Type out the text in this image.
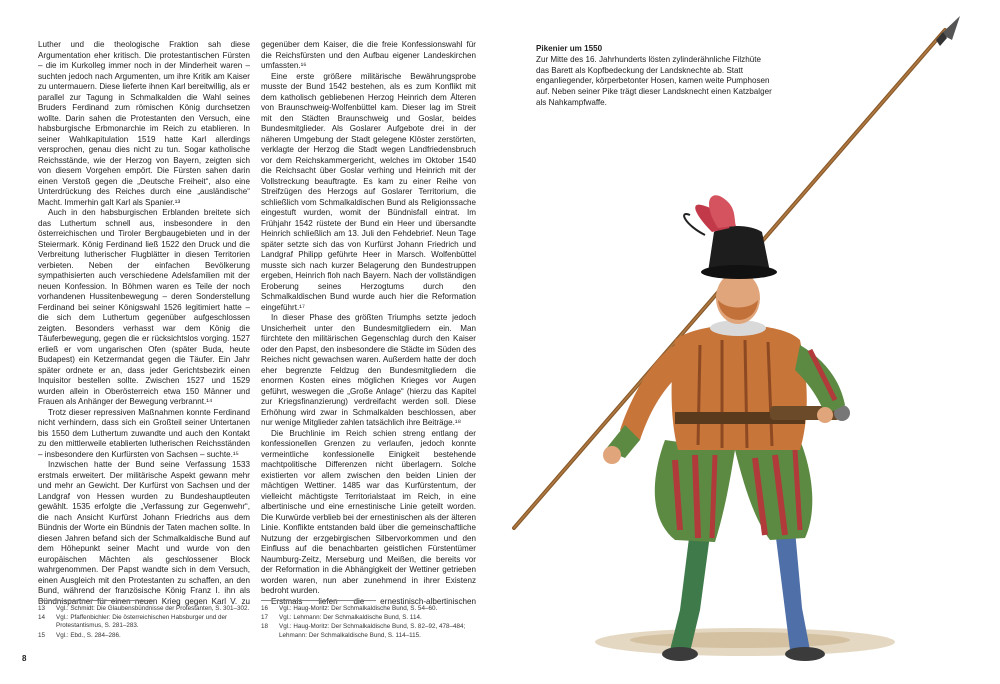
Luther und die theologische Fraktion sah diese Argumentation eher kritisch. Die protestantischen Fürsten – die im Kurkolleg immer noch in der Minderheit waren – suchten jedoch nach Argumenten, um ihre Kritik am Kaiser zu untermauern. Diese lieferte ihnen Karl bereitwillig, als er parallel zur Tagung in Schmalkalden die Wahl seines Bruders Ferdinand zum römischen König durchsetzen wollte. Darin sahen die Protestanten den Versuch, eine habsburgische Erbmonarchie im Reich zu etablieren. In seiner Wahlkapitulation 1519 hatte Karl allerdings versprochen, genau dies nicht zu tun. Sogar katholische Reichsstände, wie der Herzog von Bayern, zeigten sich von diesem Vorgehen empört. Die Fürsten sahen darin einen Verstoß gegen die „Deutsche Freiheit“, also eine Unterdrückung des Reiches durch eine „ausländische“ Macht. Immerhin galt Karl als Spanier.¹³

Auch in den habsburgischen Erblanden breitete sich das Luthertum schnell aus, insbesondere in den österreichischen und Tiroler Bergbaugebieten und in der Steiermark. König Ferdinand ließ 1522 den Druck und die Verbreitung lutherischer Flugblätter in diesen Territorien verbieten. Neben der einfachen Bevölkerung sympathisierten auch verschiedene Adelsfamilien mit der neuen Konfession. In Böhmen waren es Teile der noch vorhandenen Hussitenbewegung – deren Sonderstellung Ferdinand bei seiner Königswahl 1526 legitimiert hatte – die sich dem Luthertum gegenüber aufgeschlossen zeigten. Besonders verhasst war dem König die Täuferbewegung, gegen die er rücksichtslos vorging. 1527 erließ er vom ungarischen Ofen (später Buda, heute Budapest) ein Ketzermandat gegen die Täufer. Ein Jahr später ordnete er an, dass jeder Gerichtsbezirk einen Inquisitor bestellen sollte. Zwischen 1527 und 1529 wurden allein in Oberösterreich etwa 150 Männer und Frauen als Anhänger der Bewegung verbrannt.¹⁴

Trotz dieser repressiven Maßnahmen konnte Ferdinand nicht verhindern, dass sich ein Großteil seiner Untertanen bis 1550 dem Luthertum zuwandte und auch den Kontakt zu den mittlerweile etablierten lutherischen Reichsständen – insbesondere den Kurfürsten von Sachsen – suchte.¹⁵

Inzwischen hatte der Bund seine Verfassung 1533 erstmals erweitert. Der militärische Aspekt gewann mehr und mehr an Gewicht. Der Kurfürst von Sachsen und der Landgraf von Hessen wurden zu Bundeshauptleuten gewählt. 1535 erfolgte die „Verfassung zur Gegenwehr“, die nach Ansicht Kurfürst Johann Friedrichs aus dem Bündnis der Worte ein Bündnis der Taten machen sollte. In diesen Jahren befand sich der Schmalkaldische Bund auf dem Höhepunkt seiner Macht und wurde von den europäischen Mächten als geschlossener Block wahrgenommen. Der Papst wandte sich in dem Versuch, einen Ausgleich mit den Protestanten zu schaffen, an den Bund, während der französische König Franz I. ihn als Bündnispartner für einen neuen Krieg gegen Karl V. zu

gegenüber dem Kaiser, die die freie Konfessionswahl für die Reichsfürsten und den Aufbau eigener Landeskirchen umfassten.¹⁶

Eine erste größere militärische Bewährungsprobe musste der Bund 1542 bestehen, als es zum Konflikt mit dem katholisch gebliebenen Herzog Heinrich dem Älteren von Braunschweig-Wolfenbüttel kam. Dieser lag im Streit mit den Städten Braunschweig und Goslar, beides Bundesmitglieder. Als Goslarer Aufgebote drei in der näheren Umgebung der Stadt gelegene Klöster zerstörten, verklagte der Herzog die Stadt wegen Landfriedensbruch vor dem Reichskammergericht, welches im Oktober 1540 die Reichsacht über Goslar verhing und Heinrich mit der Vollstreckung beauftragte. Es kam zu einer Reihe von Streifzügen des Herzogs auf Goslarer Territorium, die schließlich vom Schmalkaldischen Bund als Religionssache eingestuft wurden, womit der Bündnisfall eintrat. Im Frühjahr 1542 rüstete der Bund ein Heer und übersandte Heinrich schließlich am 13. Juli den Fehdebrief. Neun Tage später setzte sich das von Kurfürst Johann Friedrich und Landgraf Philipp geführte Heer in Marsch. Wolfenbüttel musste sich nach kurzer Belagerung den Bundestruppen ergeben, Heinrich floh nach Bayern. Nach der vollständigen Eroberung seines Herzogtums durch den Schmalkaldischen Bund wurde auch hier die Reformation eingeführt.¹⁷

In dieser Phase des größten Triumphs setzte jedoch Unsicherheit unter den Bundesmitgliedern ein. Man fürchtete den militärischen Gegenschlag durch den Kaiser oder den Papst, den insbesondere die Städte im Süden des Reiches nicht gewachsen waren. Außerdem hatte der doch eher begrenzte Feldzug den Bundesmitgliedern die enormen Kosten eines möglichen Krieges vor Augen geführt, weswegen die „Große Anlage“ (hierzu das Kapitel zur Kriegsfinanzierung) verdreifacht werden soll. Diese Erhöhung wird zwar in Schmalkalden beschlossen, aber nur wenige Mitglieder zahlen tatsächlich ihre Beiträge.¹⁸

Die Bruchlinie im Reich schien streng entlang der konfessionellen Grenzen zu verlaufen, jedoch konnte vermeintliche konfessionelle Einigkeit bestehende machtpolitische Differenzen nicht überlagern. Solche existierten vor allem zwischen den beiden Linien der mächtigen Wettiner. 1485 war das Kurfürstentum, der vielleicht mächtigste Territorialstaat im Reich, in eine albertinische und eine ernestinische Linie geteilt worden. Die Kurwürde verblieb bei der ernestinischen als der älteren Linie. Konflikte entstanden bald über die gemeinschaftliche Nutzung der erzgebirgischen Silbervorkommen und den Einfluss auf die benachbarten geistlichen Fürstentümer Naumburg-Zeitz, Merseburg und Meißen, die bereits vor der Reformation in die Abhängigkeit der Wettiner getrieben worden waren, nun aber zunehmend in ihrer Existenz bedroht wurden.

Erstmals liefen die ernestinisch-albertinischen

13	Vgl.: Schmidt: Die Glaubensbündnisse der Protestanten, S. 301–302.
14	Vgl.: Pfaffenbichler: Die österreichischen Habsburger und der Protestantismus, S. 281–283.
15	Vgl.: Ebd., S. 284–286.
16	Vgl.: Haug-Moritz: Der Schmalkaldische Bund, S. 54–60.
17	Vgl.: Lehmann: Der Schmalkaldische Bund, S. 114.
18	Vgl.: Haug-Moritz: Der Schmalkaldische Bund, S. 82–92, 478–484; Lehmann: Der Schmalkaldische Bund, S. 114–115.
8
Pikenier um 1550
Zur Mitte des 16. Jahrhunderts lösten zylinderähnliche Filzhüte das Barett als Kopfbedeckung der Landsknechte ab. Statt enganliegender, körperbetonter Hosen, kamen weite Pumphosen auf. Neben seiner Pike trägt dieser Landsknecht einen Katzbalger als Nahkampfwaffe.
